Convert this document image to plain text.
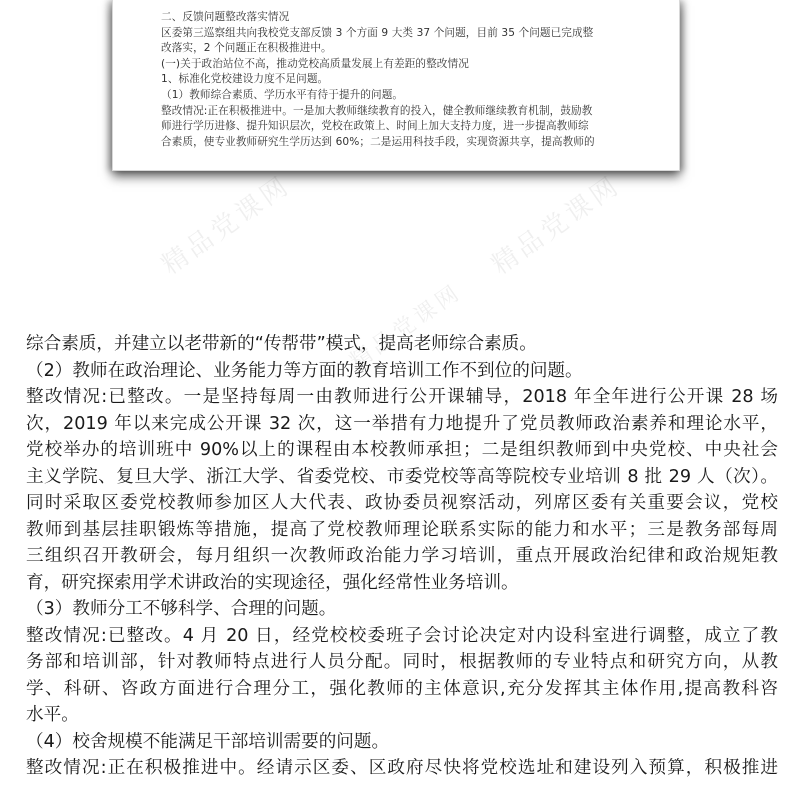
二、反馈问题整改落实情况
区委第三巡察组共向我校党支部反馈 3 个方面 9 大类 37 个问题，目前 35 个问题已完成整
改落实，2 个问题正在积极推进中。
(一)关于政治站位不高，推动党校高质量发展上有差距的整改情况
1、标准化党校建设力度不足问题。
（1）教师综合素质、学历水平有待于提升的问题。
整改情况:正在积极推进中。一是加大教师继续教育的投入，健全教师继续教育机制，鼓励教
师进行学历进修、提升知识层次，党校在政策上、时间上加大支持力度，进一步提高教师综
合素质，使专业教师研究生学历达到 60%；二是运用科技手段，实现资源共享，提高教师的
精品党课网	精品党课网
精品党课网
综合素质，并建立以老带新的“传帮带”模式，提高老师综合素质。
（2）教师在政治理论、业务能力等方面的教育培训工作不到位的问题。
整改情况:已整改。一是坚持每周一由教师进行公开课辅导，2018 年全年进行公开课 28 场
次，2019 年以来完成公开课 32 次，这一举措有力地提升了党员教师政治素养和理论水平，
党校举办的培训班中 90%以上的课程由本校教师承担；二是组织教师到中央党校、中央社会
主义学院、复旦大学、浙江大学、省委党校、市委党校等高等院校专业培训 8 批 29 人（次）。
同时采取区委党校教师参加区人大代表、政协委员视察活动，列席区委有关重要会议，党校
教师到基层挂职锻炼等措施，提高了党校教师理论联系实际的能力和水平；三是教务部每周
三组织召开教研会，每月组织一次教师政治能力学习培训，重点开展政治纪律和政治规矩教
育，研究探索用学术讲政治的实现途径，强化经常性业务培训。
（3）教师分工不够科学、合理的问题。
整改情况:已整改。4 月 20 日，经党校校委班子会讨论决定对内设科室进行调整，成立了教
务部和培训部，针对教师特点进行人员分配。同时，根据教师的专业特点和研究方向，从教
学、科研、咨政方面进行合理分工，强化教师的主体意识,充分发挥其主体作用,提高教科咨
水平。
（4）校舍规模不能满足干部培训需要的问题。
整改情况:正在积极推进中。经请示区委、区政府尽快将党校选址和建设列入预算，积极推进
